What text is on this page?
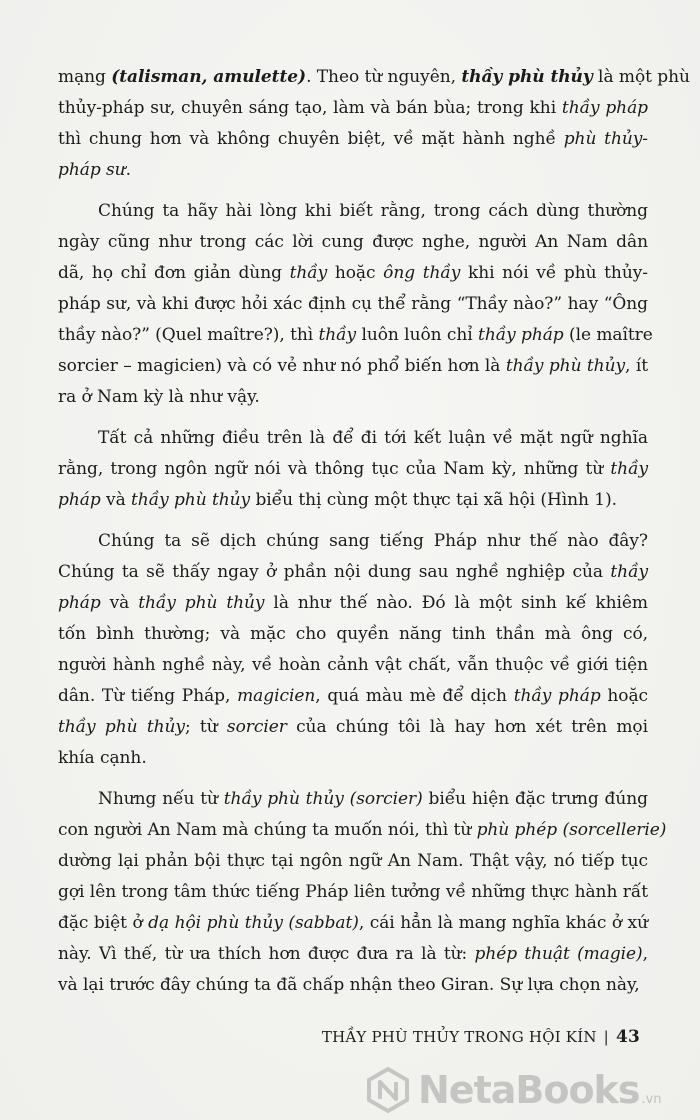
mạng (talisman, amulette). Theo từ nguyên, thầy phù thủy là một phù
thủy-pháp sư, chuyên sáng tạo, làm và bán bùa; trong khi thầy pháp
thì chung hơn và không chuyên biệt, về mặt hành nghề phù thủy-
pháp sư.

Chúng ta hãy hài lòng khi biết rằng, trong cách dùng thường
ngày cũng như trong các lời cung được nghe, người An Nam dân
dã, họ chỉ đơn giản dùng thầy hoặc ông thầy khi nói về phù thủy-
pháp sư, và khi được hỏi xác định cụ thể rằng “Thầy nào?” hay “Ông
thầy nào?” (Quel maître?), thì thầy luôn luôn chỉ thầy pháp (le maître
sorcier – magicien) và có vẻ như nó phổ biến hơn là thầy phù thủy, ít
ra ở Nam kỳ là như vậy.

Tất cả những điều trên là để đi tới kết luận về mặt ngữ nghĩa
rằng, trong ngôn ngữ nói và thông tục của Nam kỳ, những từ thầy
pháp và thầy phù thủy biểu thị cùng một thực tại xã hội (Hình 1).

Chúng ta sẽ dịch chúng sang tiếng Pháp như thế nào đây?
Chúng ta sẽ thấy ngay ở phần nội dung sau nghề nghiệp của thầy
pháp và thầy phù thủy là như thế nào. Đó là một sinh kế khiêm
tốn bình thường; và mặc cho quyền năng tinh thần mà ông có,
người hành nghề này, về hoàn cảnh vật chất, vẫn thuộc về giới tiện
dân. Từ tiếng Pháp, magicien, quá màu mè để dịch thầy pháp hoặc
thầy phù thủy; từ sorcier của chúng tôi là hay hơn xét trên mọi
khía cạnh.

Nhưng nếu từ thầy phù thủy (sorcier) biểu hiện đặc trưng đúng
con người An Nam mà chúng ta muốn nói, thì từ phù phép (sorcellerie)
dường lại phản bội thực tại ngôn ngữ An Nam. Thật vậy, nó tiếp tục
gợi lên trong tâm thức tiếng Pháp liên tưởng về những thực hành rất
đặc biệt ở dạ hội phù thủy (sabbat), cái hẳn là mang nghĩa khác ở xứ
này. Vì thế, từ ưa thích hơn được đưa ra là từ: phép thuật (magie),
và lại trước đây chúng ta đã chấp nhận theo Giran. Sự lựa chọn này,

THẦY PHÙ THỦY TRONG HỘI KÍN | 43
NetaBooks .vn
